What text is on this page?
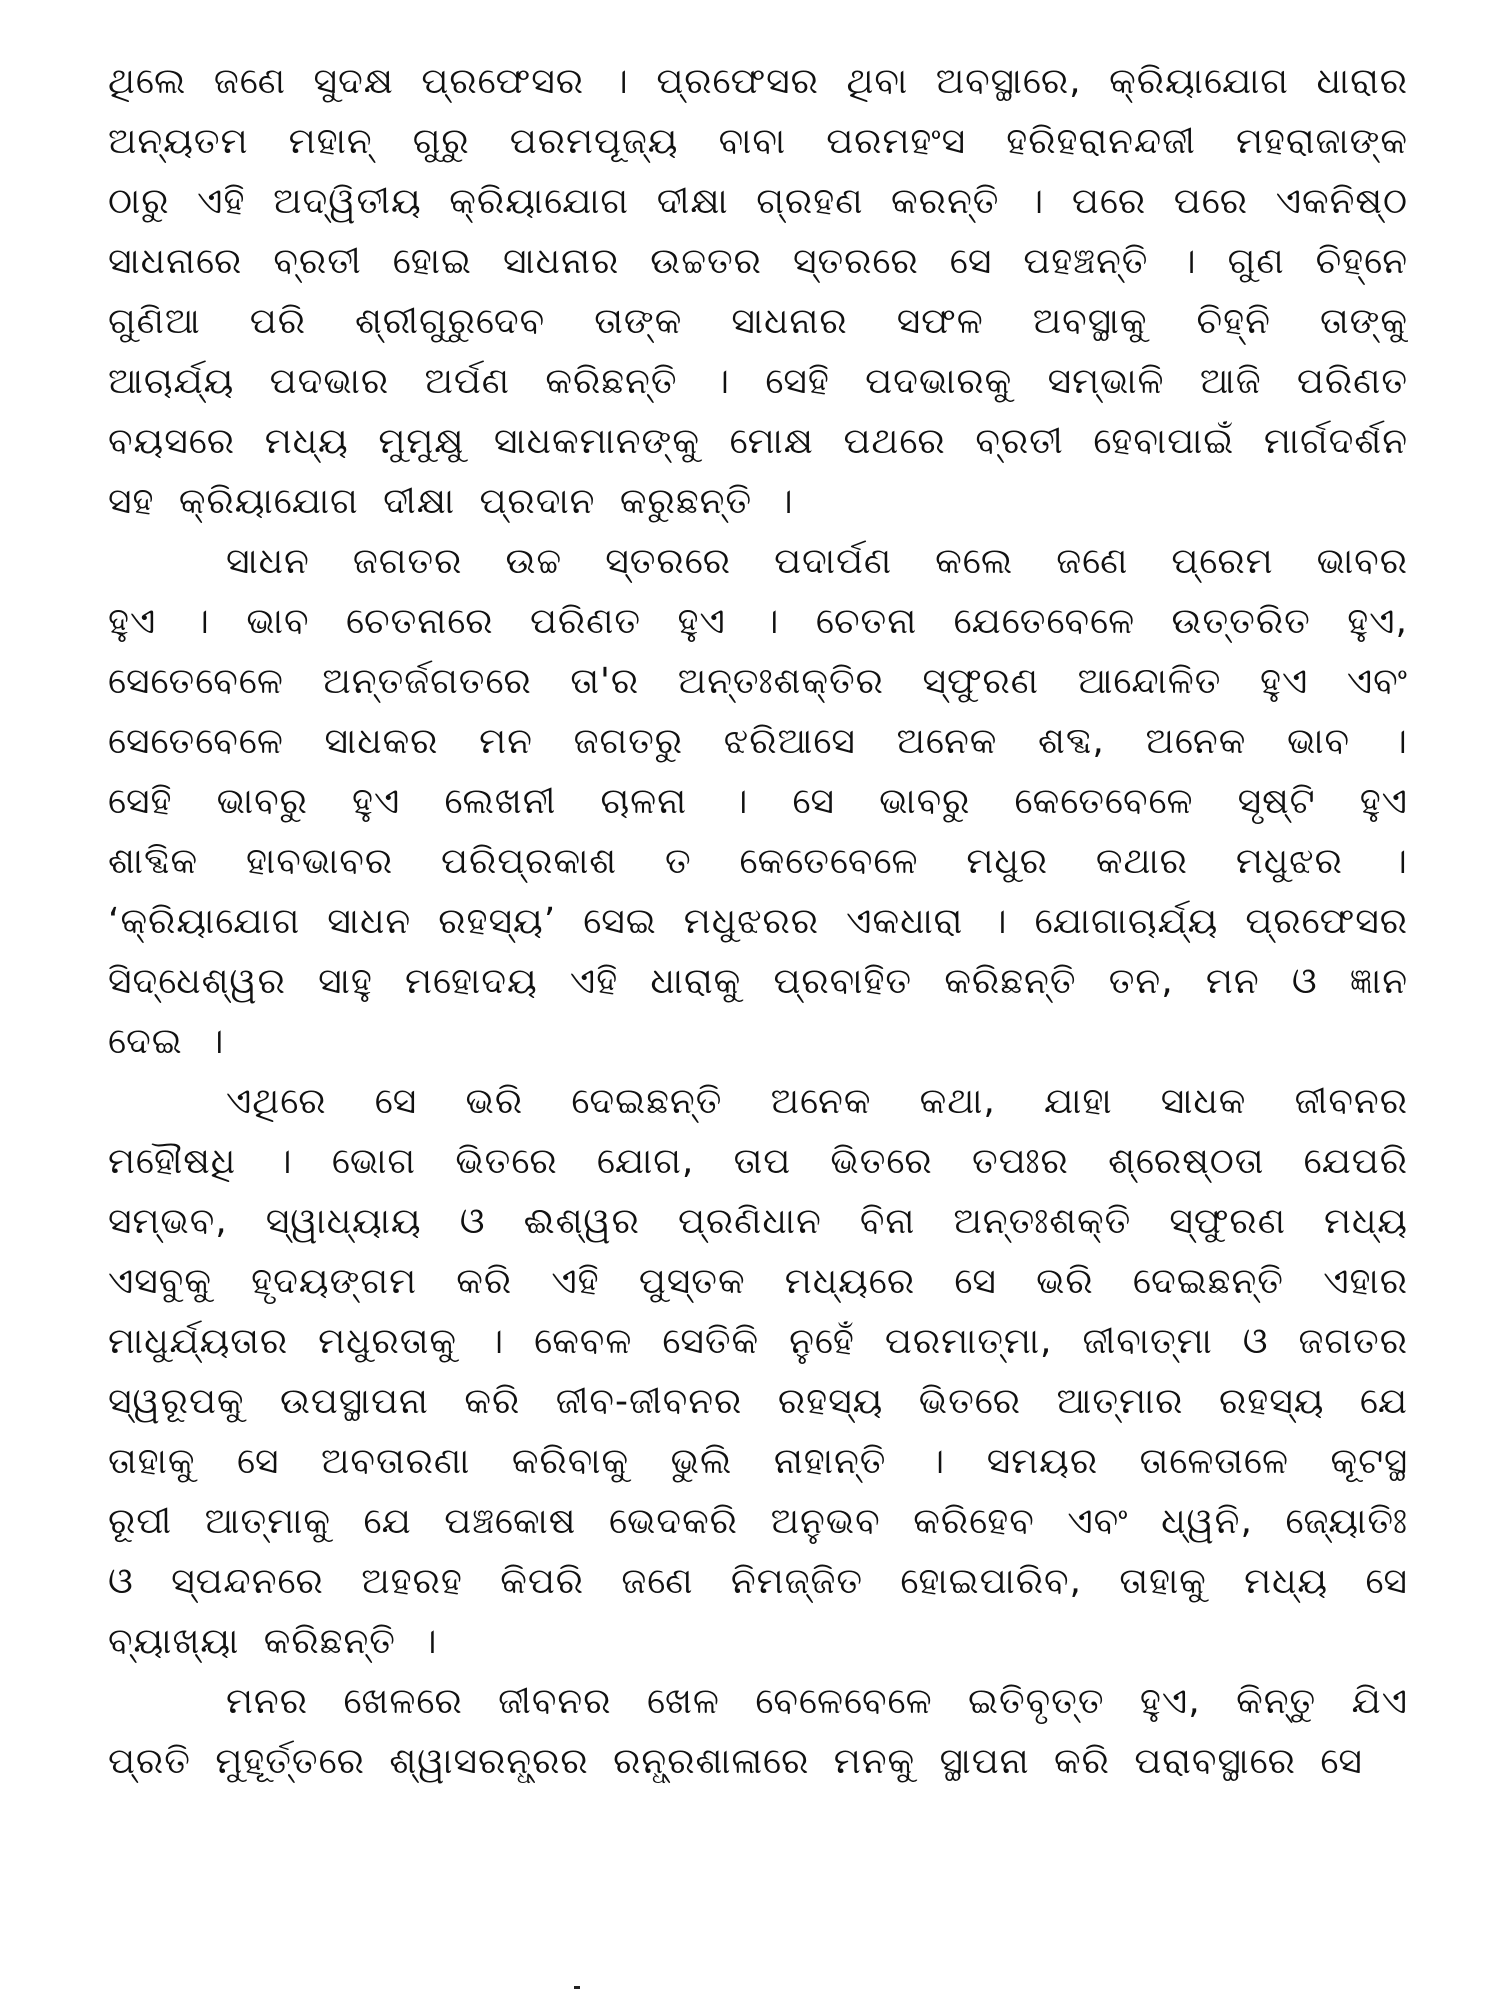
ଥିଲେ ଜଣେ ସୁଦକ୍ଷ ପ୍ରଫେସର । ପ୍ରଫେସର ଥିବା ଅବସ୍ଥାରେ, କ୍ରିୟାଯୋଗ ଧାରାର
ଅନ୍ୟତମ ମହାନ୍ ଗୁରୁ ପରମପୂଜ୍ୟ ବାବା ପରମହଂସ ହରିହରାନନ୍ଦଜୀ ମହରାଜାଙ୍କ
ଠାରୁ ଏହି ଅଦ୍ୱିତୀୟ କ୍ରିୟାଯୋଗ ଦୀକ୍ଷା ଗ୍ରହଣ କରନ୍ତି । ପରେ ପରେ ଏକନିଷ୍ଠ
ସାଧନାରେ ବ୍ରତୀ ହୋଇ ସାଧନାର ଉଚ୍ଚତର ସ୍ତରରେ ସେ ପହଞ୍ଚନ୍ତି । ଗୁଣ ଚିହ୍ନେ
ଗୁଣିଆ ପରି ଶ୍ରୀଗୁରୁଦେବ ତାଙ୍କ ସାଧନାର ସଫଳ ଅବସ୍ଥାକୁ ଚିହ୍ନି ତାଙ୍କୁ
ଆଚାର୍ଯ୍ୟ ପଦଭାର ଅର୍ପଣ କରିଛନ୍ତି । ସେହି ପଦଭାରକୁ ସମ୍ଭାଳି ଆଜି ପରିଣତ
ବୟସରେ ମଧ୍ୟ ମୁମୁକ୍ଷୁ ସାଧକମାନଙ୍କୁ ମୋକ୍ଷ ପଥରେ ବ୍ରତୀ ହେବାପାଇଁ ମାର୍ଗଦର୍ଶନ
ସହ କ୍ରିୟାଯୋଗ ଦୀକ୍ଷା ପ୍ରଦାନ କରୁଛନ୍ତି ।
ସାଧନ ଜଗତର ଉଚ୍ଚ ସ୍ତରରେ ପଦାର୍ପଣ କଲେ ଜଣେ ପ୍ରେମ ଭାବର
ହୁଏ । ଭାବ ଚେତନାରେ ପରିଣତ ହୁଏ । ଚେତନା ଯେତେବେଳେ ଉତ୍ତରିତ ହୁଏ,
ସେତେବେଳେ ଅନ୍ତର୍ଜଗତରେ ତା'ର ଅନ୍ତଃଶକ୍ତିର ସ୍ଫୁରଣ ଆନ୍ଦୋଳିତ ହୁଏ ଏବଂ
ସେତେବେଳେ ସାଧକର ମନ ଜଗତରୁ ଝରିଆସେ ଅନେକ ଶବ୍ଦ, ଅନେକ ଭାବ ।
ସେହି ଭାବରୁ ହୁଏ ଲେଖନୀ ଚାଳନା । ସେ ଭାବରୁ କେତେବେଳେ ସୃଷ୍ଟି ହୁଏ
ଶାବ୍ଦିକ ହାବଭାବର ପରିପ୍ରକାଶ ତ କେତେବେଳେ ମଧୁର କଥାର ମଧୁଝର ।
‘କ୍ରିୟାଯୋଗ ସାଧନ ରହସ୍ୟ’ ସେଇ ମଧୁଝରର ଏକଧାରା । ଯୋଗାଚାର୍ଯ୍ୟ ପ୍ରଫେସର
ସିଦ୍ଧେଶ୍ୱର ସାହୁ ମହୋଦୟ ଏହି ଧାରାକୁ ପ୍ରବାହିତ କରିଛନ୍ତି ତନ, ମନ ଓ ଜ୍ଞାନ
ଦେଇ ।
ଏଥିରେ ସେ ଭରି ଦେଇଛନ୍ତି ଅନେକ କଥା, ଯାହା ସାଧକ ଜୀବନର
ମହୌଷଧି । ଭୋଗ ଭିତରେ ଯୋଗ, ତାପ ଭିତରେ ତପଃର ଶ୍ରେଷ୍ଠତା ଯେପରି
ସମ୍ଭବ, ସ୍ୱାଧ୍ୟାୟ ଓ ଈଶ୍ୱର ପ୍ରଣିଧାନ ବିନା ଅନ୍ତଃଶକ୍ତି ସ୍ଫୁରଣ ମଧ୍ୟ
ଏସବୁକୁ ହୃଦୟଙ୍ଗମ କରି ଏହି ପୁସ୍ତକ ମଧ୍ୟରେ ସେ ଭରି ଦେଇଛନ୍ତି ଏହାର
ମାଧୁର୍ଯ୍ୟତାର ମଧୁରତାକୁ । କେବଳ ସେତିକି ନୁହେଁ ପରମାତ୍ମା, ଜୀବାତ୍ମା ଓ ଜଗତର
ସ୍ୱରୂପକୁ ଉପସ୍ଥାପନା କରି ଜୀବ-ଜୀବନର ରହସ୍ୟ ଭିତରେ ଆତ୍ମାର ରହସ୍ୟ ଯେ
ତାହାକୁ ସେ ଅବତାରଣା କରିବାକୁ ଭୁଲି ନାହାନ୍ତି । ସମୟର ତାଳେତାଳେ କୂଟସ୍ଥ
ରୂପୀ ଆତ୍ମାକୁ ଯେ ପଞ୍ଚକୋଷ ଭେଦକରି ଅନୁଭବ କରିହେବ ଏବଂ ଧ୍ୱନି, ଜ୍ୟୋତିଃ
ଓ ସ୍ପନ୍ଦନରେ ଅହରହ କିପରି ଜଣେ ନିମଜ୍ଜିତ ହୋଇପାରିବ, ତାହାକୁ ମଧ୍ୟ ସେ
ବ୍ୟାଖ୍ୟା କରିଛନ୍ତି ।
ମନର ଖେଳରେ ଜୀବନର ଖେଳ ବେଳେବେଳେ ଇତିବୃତ୍ତ ହୁଏ, କିନ୍ତୁ ଯିଏ
ପ୍ରତି ମୁହୂର୍ତ୍ତରେ ଶ୍ୱାସରନ୍ଧ୍ରର ରନ୍ଧ୍ରଶାଳାରେ ମନକୁ ସ୍ଥାପନା କରି ପରାବସ୍ଥାରେ ସେ
